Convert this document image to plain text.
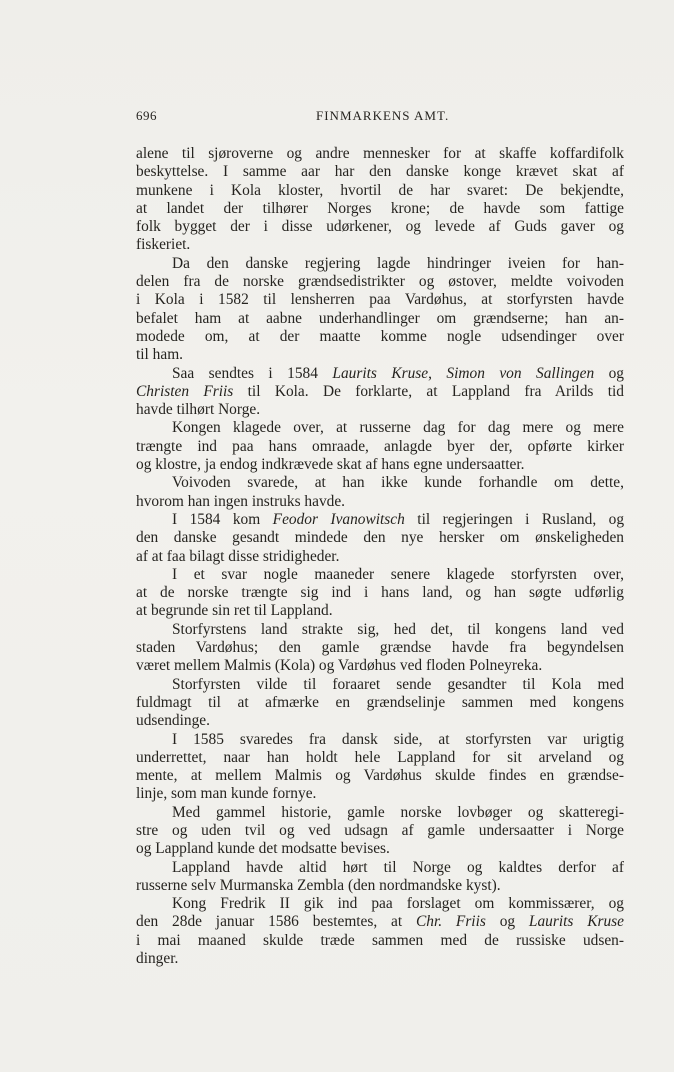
696	FINMARKENS AMT.
alene til sjøroverne og andre mennesker for at skaffe koffardifolk
beskyttelse. I samme aar har den danske konge krævet skat af
munkene i Kola kloster, hvortil de har svaret: De bekjendte,
at landet der tilhører Norges krone; de havde som fattige
folk bygget der i disse udørkener, og levede af Guds gaver og
fiskeriet.
Da den danske regjering lagde hindringer iveien for han-
delen fra de norske grændsedistrikter og østover, meldte voivoden
i Kola i 1582 til lensherren paa Vardøhus, at storfyrsten havde
befalet ham at aabne underhandlinger om grændserne; han an-
modede om, at der maatte komme nogle udsendinger over
til ham.
Saa sendtes i 1584 Laurits Kruse, Simon von Sallingen og
Christen Friis til Kola. De forklarte, at Lappland fra Arilds tid
havde tilhørt Norge.
Kongen klagede over, at russerne dag for dag mere og mere
trængte ind paa hans omraade, anlagde byer der, opførte kirker
og klostre, ja endog indkrævede skat af hans egne undersaatter.
Voivoden svarede, at han ikke kunde forhandle om dette,
hvorom han ingen instruks havde.
I 1584 kom Feodor Ivanowitsch til regjeringen i Rusland, og
den danske gesandt mindede den nye hersker om ønskeligheden
af at faa bilagt disse stridigheder.
I et svar nogle maaneder senere klagede storfyrsten over,
at de norske trængte sig ind i hans land, og han søgte udførlig
at begrunde sin ret til Lappland.
Storfyrstens land strakte sig, hed det, til kongens land ved
staden Vardøhus; den gamle grændse havde fra begyndelsen
været mellem Malmis (Kola) og Vardøhus ved floden Polneyreka.
Storfyrsten vilde til foraaret sende gesandter til Kola med
fuldmagt til at afmærke en grændselinje sammen med kongens
udsendinge.
I 1585 svaredes fra dansk side, at storfyrsten var urigtig
underrettet, naar han holdt hele Lappland for sit arveland og
mente, at mellem Malmis og Vardøhus skulde findes en grændse-
linje, som man kunde fornye.
Med gammel historie, gamle norske lovbøger og skatteregi-
stre og uden tvil og ved udsagn af gamle undersaatter i Norge
og Lappland kunde det modsatte bevises.
Lappland havde altid hørt til Norge og kaldtes derfor af
russerne selv Murmanska Zembla (den nordmandske kyst).
Kong Fredrik II gik ind paa forslaget om kommissærer, og
den 28de januar 1586 bestemtes, at Chr. Friis og Laurits Kruse
i mai maaned skulde træde sammen med de russiske udsen-
dinger.
